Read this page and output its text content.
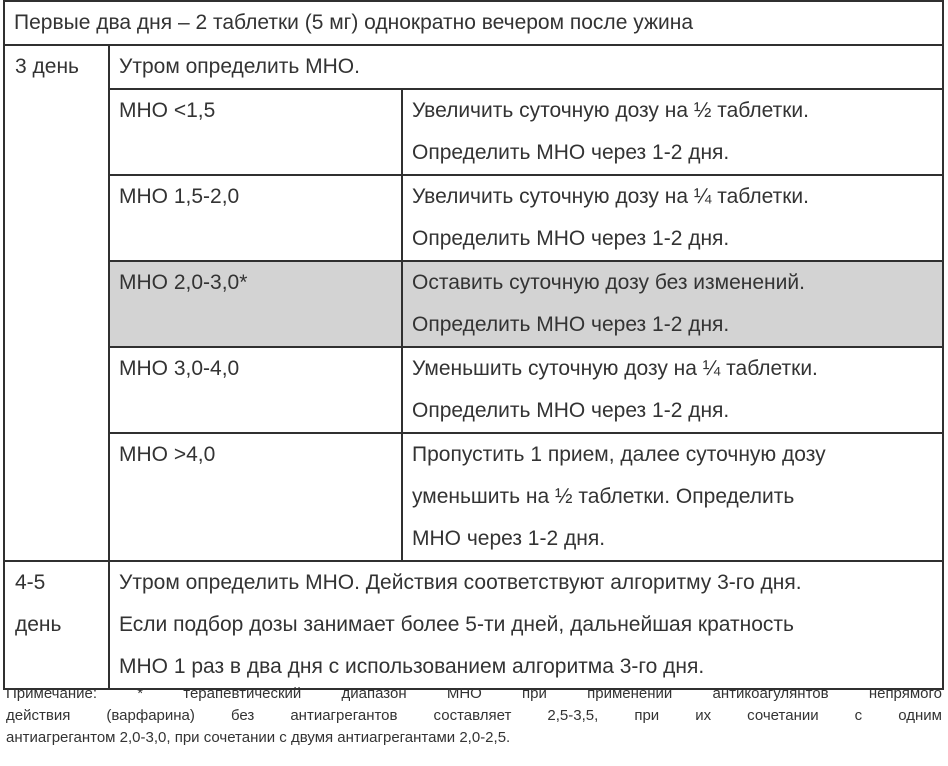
Первые два дня – 2 таблетки (5 мг) однократно вечером после ужина		
3 день	Утром определить МНО.	
	МНО <1,5	Увеличить суточную дозу на ½ таблетки.
Определить МНО через 1-2 дня.

	МНО 1,5-2,0	Увеличить суточную дозу на ¼ таблетки.
Определить МНО через 1-2 дня.

	МНО 2,0-3,0*	Оставить суточную дозу без изменений.
Определить МНО через 1-2 дня.

	МНО 3,0-4,0	Уменьшить суточную дозу на ¼ таблетки.
Определить МНО через 1-2 дня.

	МНО >4,0	Пропустить 1 прием, далее суточную дозу
уменьшить на ½ таблетки. Определить
МНО через 1-2 дня.

4-5
день	Утром определить МНО. Действия соответствуют алгоритму 3-го дня.
Если подбор дозы занимает более 5-ти дней, дальнейшая кратность
МНО 1 раз в два дня с использованием алгоритма 3-го дня.	
Примечание: * терапевтический диапазон МНО при применении антикоагулянтов непрямого
действия (варфарина) без антиагрегантов составляет 2,5-3,5, при их сочетании с одним
антиагрегантом 2,0-3,0, при сочетании с двумя антиагрегантами 2,0-2,5.
